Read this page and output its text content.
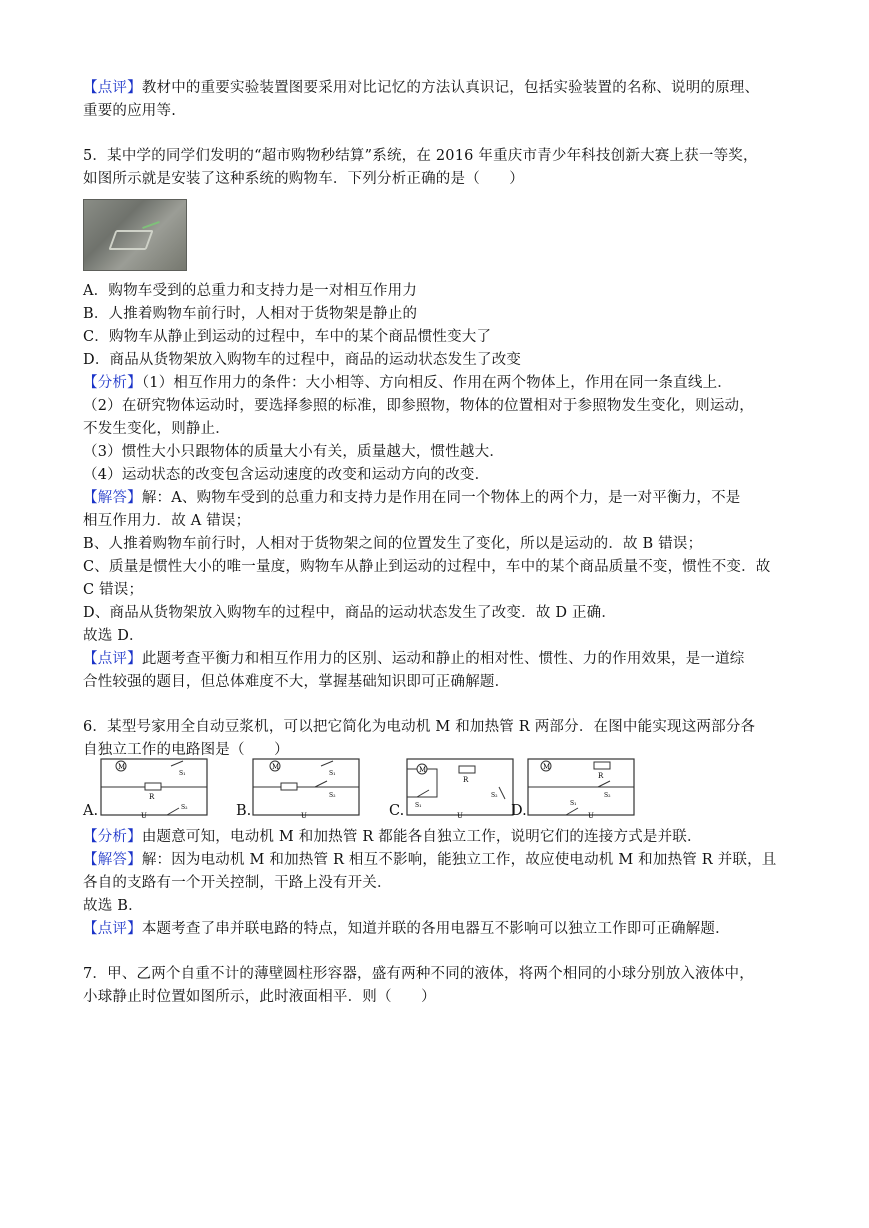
【点评】教材中的重要实验装置图要采用对比记忆的方法认真识记，包括实验装置的名称、说明的原理、
重要的应用等.
5．某中学的同学们发明的“超市购物秒结算”系统，在 2016 年重庆市青少年科技创新大赛上获一等奖，
如图所示就是安装了这种系统的购物车．下列分析正确的是（　　）
A．购物车受到的总重力和支持力是一对相互作用力
B．人推着购物车前行时，人相对于货物架是静止的
C．购物车从静止到运动的过程中，车中的某个商品惯性变大了
D．商品从货物架放入购物车的过程中，商品的运动状态发生了改变
【分析】（1）相互作用力的条件：大小相等、方向相反、作用在两个物体上，作用在同一条直线上．
（2）在研究物体运动时，要选择参照的标准，即参照物，物体的位置相对于参照物发生变化，则运动，
不发生变化，则静止．
（3）惯性大小只跟物体的质量大小有关，质量越大，惯性越大．
（4）运动状态的改变包含运动速度的改变和运动方向的改变．
【解答】解：A、购物车受到的总重力和支持力是作用在同一个物体上的两个力，是一对平衡力，不是
相互作用力．故 A 错误；
B、人推着购物车前行时，人相对于货物架之间的位置发生了变化，所以是运动的．故 B 错误；
C、质量是惯性大小的唯一量度，购物车从静止到运动的过程中，车中的某个商品质量不变，惯性不变．故
C 错误；
D、商品从货物架放入购物车的过程中，商品的运动状态发生了改变．故 D 正确．
故选 D．
【点评】此题考查平衡力和相互作用力的区别、运动和静止的相对性、惯性、力的作用效果，是一道综
合性较强的题目，但总体难度不大，掌握基础知识即可正确解题．
6．某型号家用全自动豆浆机，可以把它简化为电动机 M 和加热管 R 两部分．在图中能实现这两部分各
自独立工作的电路图是（　　）
A.
M
S₁
R
S₂
U	B.
M
S₁
S₂
U	C.
M
R
S₁
S₂
U	D.
M
R
S₂
S₁
U
【分析】由题意可知，电动机 M 和加热管 R 都能各自独立工作，说明它们的连接方式是并联．
【解答】解：因为电动机 M 和加热管 R 相互不影响，能独立工作，故应使电动机 M 和加热管 R 并联，且
各自的支路有一个开关控制，干路上没有开关．
故选 B．
【点评】本题考查了串并联电路的特点，知道并联的各用电器互不影响可以独立工作即可正确解题．
7．甲、乙两个自重不计的薄壁圆柱形容器，盛有两种不同的液体，将两个相同的小球分别放入液体中，
小球静止时位置如图所示，此时液面相平．则（　　）
